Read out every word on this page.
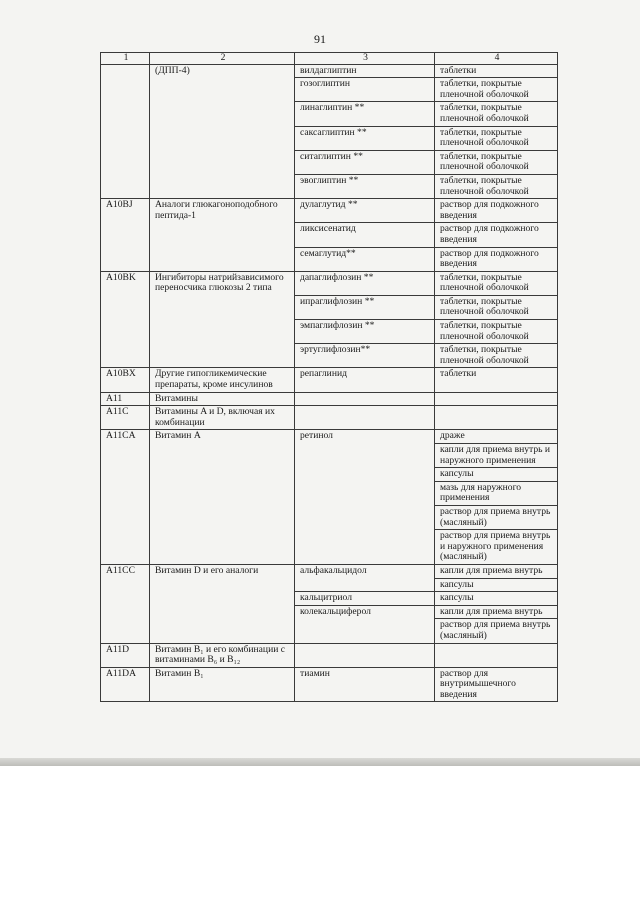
91
1	2	3	4
	(ДПП-4)	вилдаглиптин	таблетки
		гозоглиптин	таблетки, покрытые пленочной оболочкой
		линаглиптин **	таблетки, покрытые пленочной оболочкой
		саксаглиптин **	таблетки, покрытые пленочной оболочкой
		ситаглиптин **	таблетки, покрытые пленочной оболочкой
		эвоглиптин **	таблетки, покрытые пленочной оболочкой
A10BJ	Аналоги глюкагоноподобного пептида-1	дулаглутид **	раствор для подкожного введения
		ликсисенатид	раствор для подкожного введения
		семаглутид**	раствор для подкожного введения
A10BK	Ингибиторы натрийзависимого переносчика глюкозы 2 типа	дапаглифлозин **	таблетки, покрытые пленочной оболочкой
		ипраглифлозин **	таблетки, покрытые пленочной оболочкой
		эмпаглифлозин **	таблетки, покрытые пленочной оболочкой
		эртуглифлозин**	таблетки, покрытые пленочной оболочкой
A10BX	Другие гипогликемические препараты, кроме инсулинов	репаглинид	таблетки
A11	Витамины		
A11C	Витамины A и D, включая их комбинации		
A11CA	Витамин A	ретинол	драже
			капли для приема внутрь и наружного применения
			капсулы
			мазь для наружного применения
			раствор для приема внутрь (масляный)
			раствор для приема внутрь и наружного применения (масляный)
A11CC	Витамин D и его аналоги	альфакальцидол	капли для приема внутрь
			капсулы
		кальцитриол	капсулы
		колекальциферол	капли для приема внутрь
			раствор для приема внутрь (масляный)
A11D	Витамин B₁ и его комбинации с витаминами B₆ и B₁₂		
A11DA	Витамин B₁	тиамин	раствор для внутримышечного введения
